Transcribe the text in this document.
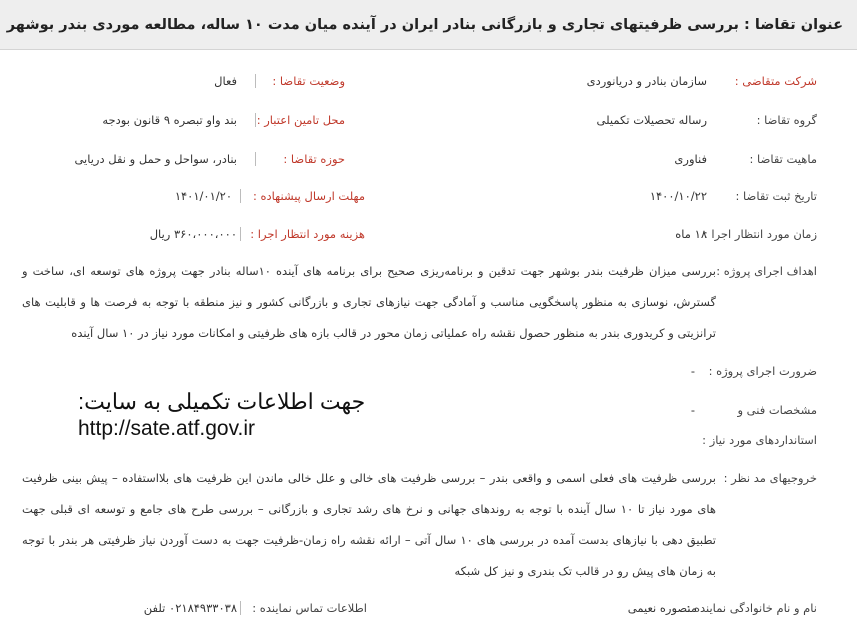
عنوان تقاضا : بررسی ظرفیتهای تجاری و بازرگانی بنادر ایران در آینده میان مدت ۱۰ ساله، مطالعه موردی بندر بوشهر
شرکت متقاضی :
سازمان بنادر و دریانوردی
وضعیت تقاضا :
فعال
گروه تقاضا :
رساله تحصیلات تکمیلی
محل تامین اعتبار :
بند واو تبصره ۹ قانون بودجه
ماهیت تقاضا :
فناوری
حوزه تقاضا :
بنادر، سواحل و حمل و نقل دریایی
تاریخ ثبت تقاضا :
۱۴۰۰/۱۰/۲۲
مهلت ارسال پیشنهاده :
۱۴۰۱/۰۱/۲۰
زمان مورد انتظار اجرا :
۱۸ ماه
هزینه مورد انتظار اجرا :
۳۶۰،۰۰۰،۰۰۰ ریال
اهداف اجرای پروژه :
بررسی میزان ظرفیت بندر بوشهر جهت تدقین و برنامه‌ریزی صحیح برای برنامه های آینده ۱۰ساله بنادر جهت پروژه های توسعه ای، ساخت و گسترش، نوسازی به منظور پاسخگویی مناسب و آمادگی جهت نیازهای تجاری و بازرگانی کشور و نیز منطقه با توجه به فرصت ها و قابلیت های ترانزیتی و کریدوری بندر به منظور حصول نقشه راه عملیاتی زمان محور در قالب بازه های ظرفیتی و امکانات مورد نیاز در ۱۰ سال آینده
ضرورت اجرای پروژه :
-
مشخصات فنی و
استانداردهای مورد نیاز :
-
جهت اطلاعات تکمیلی به سایت:
http://sate.atf.gov.ir
خروجیهای مد نظر :
بررسی ظرفیت های فعلی اسمی و واقعی بندر – بررسی ظرفیت های خالی و علل خالی ماندن این ظرفیت های بلااستفاده – پیش بینی ظرفیت های مورد نیاز تا ۱۰ سال آینده با توجه به روندهای جهانی و نرخ های رشد تجاری و بازرگانی – بررسی طرح های جامع و توسعه ای قبلی جهت تطبیق دهی با نیازهای بدست آمده در بررسی های ۱۰ سال آتی – ارائه نقشه راه زمان-ظرفیت جهت به دست آوردن نیاز ظرفیتی هر بندر با توجه به زمان های پیش رو در قالب تک بندری و نیز کل شبکه
نام و نام خانوادگی نماینده :
منصوره نعیمی
اطلاعات تماس نماینده :
۰۲۱۸۴۹۳۳۰۳۸ تلفن
